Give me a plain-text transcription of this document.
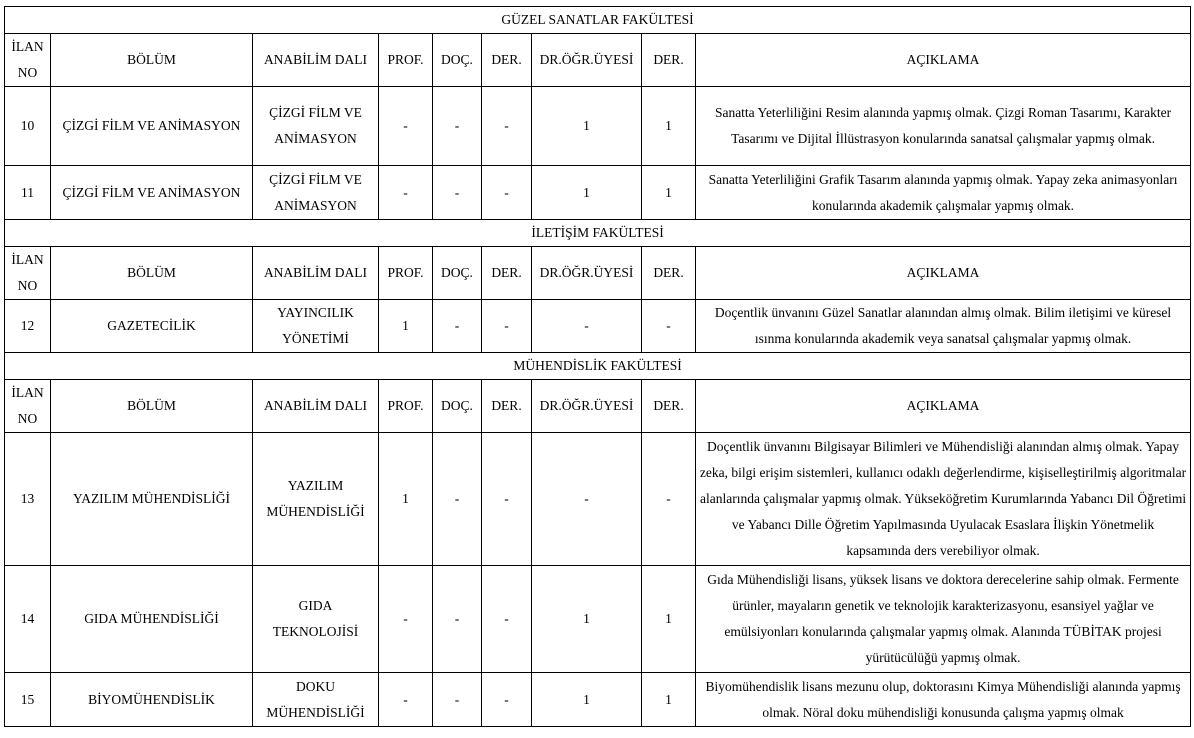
GÜZEL SANATLAR FAKÜLTESİ								
İLAN NO	BÖLÜM	ANABİLİM DALI	PROF.	DOÇ.	DER.	DR.ÖĞR.ÜYESİ	DER.	AÇIKLAMA
10	ÇİZGİ FİLM VE ANİMASYON	ÇİZGİ FİLM VE ANİMASYON	-	-	-	1	1	Sanatta Yeterliliğini Resim alanında yapmış olmak. Çizgi Roman Tasarımı, Karakter Tasarımı ve Dijital İllüstrasyon konularında sanatsal çalışmalar yapmış olmak.
11	ÇİZGİ FİLM VE ANİMASYON	ÇİZGİ FİLM VE ANİMASYON	-	-	-	1	1	Sanatta Yeterliliğini Grafik Tasarım alanında yapmış olmak. Yapay zeka animasyonları konularında akademik çalışmalar yapmış olmak.
İLETİŞİM FAKÜLTESİ								
İLAN NO	BÖLÜM	ANABİLİM DALI	PROF.	DOÇ.	DER.	DR.ÖĞR.ÜYESİ	DER.	AÇIKLAMA
12	GAZETECİLİK	YAYINCILIK YÖNETİMİ	1	-	-	-	-	Doçentlik ünvanını Güzel Sanatlar alanından almış olmak. Bilim iletişimi ve küresel ısınma konularında akademik veya sanatsal çalışmalar yapmış olmak.
MÜHENDİSLİK FAKÜLTESİ								
İLAN NO	BÖLÜM	ANABİLİM DALI	PROF.	DOÇ.	DER.	DR.ÖĞR.ÜYESİ	DER.	AÇIKLAMA
13	YAZILIM MÜHENDİSLİĞİ	YAZILIM MÜHENDİSLİĞİ	1	-	-	-	-	Doçentlik ünvanını Bilgisayar Bilimleri ve Mühendisliği alanından almış olmak. Yapay zeka, bilgi erişim sistemleri, kullanıcı odaklı değerlendirme, kişiselleştirilmiş algoritmalar alanlarında çalışmalar yapmış olmak. Yükseköğretim Kurumlarında Yabancı Dil Öğretimi ve Yabancı Dille Öğretim Yapılmasında Uyulacak Esaslara İlişkin Yönetmelik kapsamında ders verebiliyor olmak.
14	GIDA MÜHENDİSLİĞİ	GIDA TEKNOLOJİSİ	-	-	-	1	1	Gıda Mühendisliği lisans, yüksek lisans ve doktora derecelerine sahip olmak. Fermente ürünler, mayaların genetik ve teknolojik karakterizasyonu, esansiyel yağlar ve emülsiyonları konularında çalışmalar yapmış olmak. Alanında TÜBİTAK projesi yürütücülüğü yapmış olmak.
15	BİYOMÜHENDİSLİK	DOKU MÜHENDİSLİĞİ	-	-	-	1	1	Biyomühendislik lisans mezunu olup, doktorasını Kimya Mühendisliği alanında yapmış olmak. Nöral doku mühendisliği konusunda çalışma yapmış olmak
